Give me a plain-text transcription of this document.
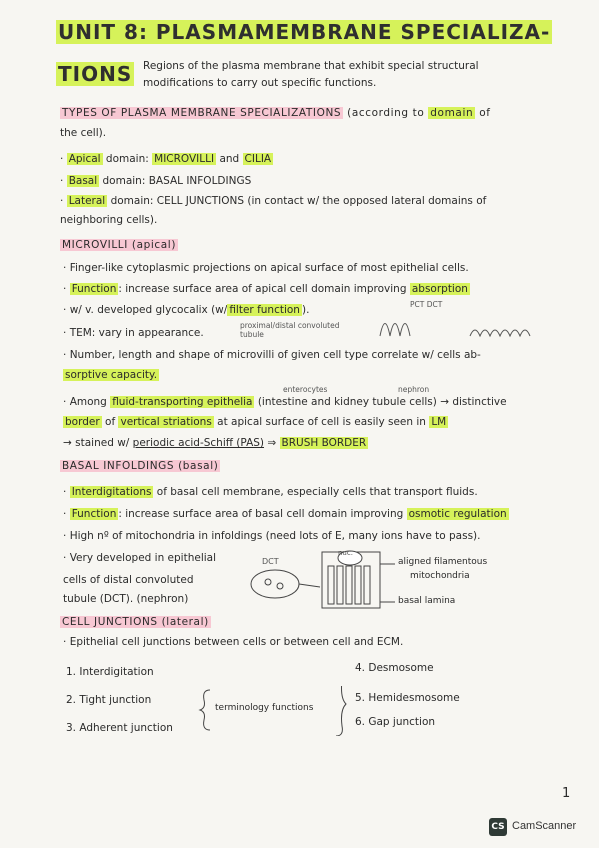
UNIT 8: PLASMAMEMBRANE SPECIALIZA-
TIONS Regions of the plasma membrane that exhibit special structural
modifications to carry out specific functions.
TYPES OF PLASMA MEMBRANE SPECIALIZATIONS (according to domain of
the cell).
· Apical domain: MICROVILLI and CILIA
· Basal domain: BASAL INFOLDINGS
· Lateral domain: CELL JUNCTIONS (in contact w/ the opposed lateral domains of
neighboring cells).
MICROVILLI (apical)
· Finger-like cytoplasmic projections on apical surface of most epithelial cells.
· Function : increase surface area of apical cell domain improving absorption
· w/ v. developed glycocalix (w/ filter function ).	PCT DCT
· TEM: vary in appearance.
proximal/distal convoluted tubule
· Number, length and shape of microvilli of given cell type correlate w/ cells ab-
sorptive capacity.
enterocytes	nephron
· Among fluid-transporting epithelia (intestine and kidney tubule cells) → distinctive
border of vertical striations at apical surface of cell is easily seen in LM
→ stained w/ periodic acid-Schiff (PAS) ⇒ BRUSH BORDER
BASAL INFOLDINGS (basal)
· Interdigitations of basal cell membrane, especially cells that transport fluids.
· Function : increase surface area of basal cell domain improving osmotic regulation
· High nº of mitochondria in infoldings (need lots of E, many ions have to pass).
· Very developed in epithelial
cells of distal convoluted
tubule (DCT). (nephron)
DCT
nuc.
aligned filamentous
mitochondria
basal lamina
CELL JUNCTIONS (lateral)
· Epithelial cell junctions between cells or between cell and ECM.
1. Interdigitation
2. Tight junction
3. Adherent junction
4. Desmosome
5. Hemidesmosome
6. Gap junction
terminology functions
1
CS CamScanner
